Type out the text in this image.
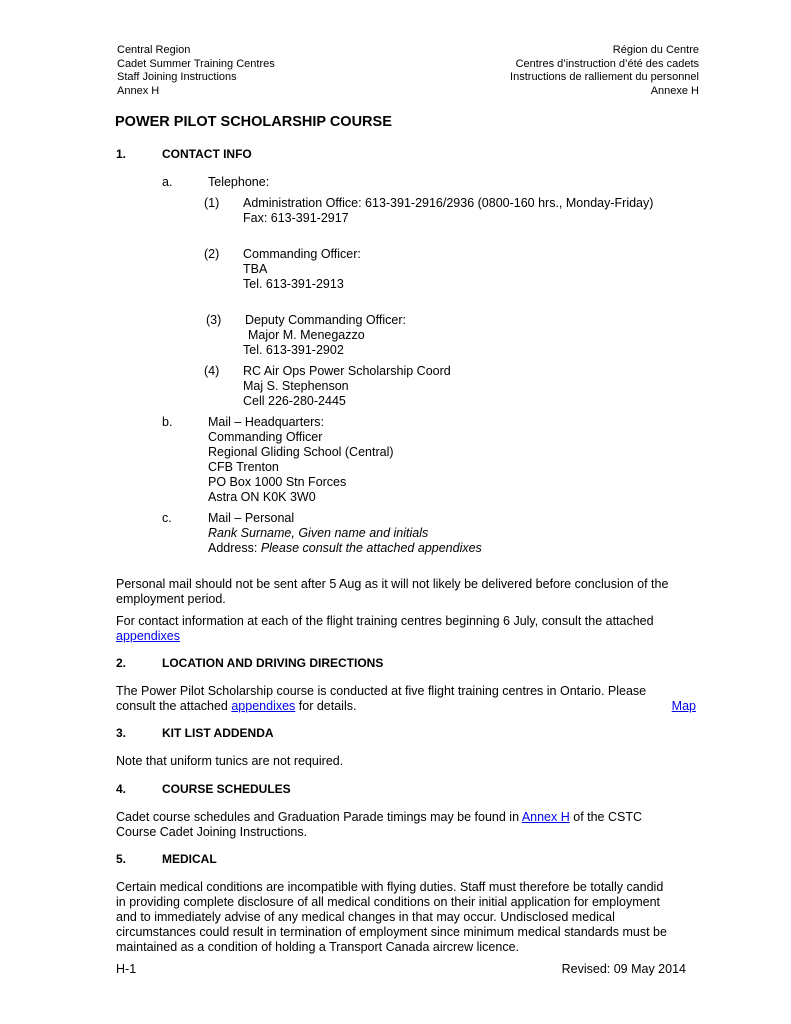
Central Region
Cadet Summer Training Centres
Staff Joining Instructions
Annex H
Région du Centre
Centres d’instruction d’été des cadets
Instructions de ralliement du personnel
Annexe H
POWER PILOT SCHOLARSHIP COURSE
1.	CONTACT INFO
a.	Telephone:
(1) Administration Office: 613-391-2916/2936 (0800-160 hrs., Monday-Friday)
Fax: 613-391-2917
(2) Commanding Officer:
TBA
Tel. 613-391-2913
(3) Deputy Commanding Officer:
Major M. Menegazzo
Tel. 613-391-2902
(4) RC Air Ops Power Scholarship Coord
Maj S. Stephenson
Cell 226-280-2445
b.	Mail – Headquarters:
Commanding Officer
Regional Gliding School (Central)
CFB Trenton
PO Box 1000 Stn Forces
Astra ON K0K 3W0
c.	Mail – Personal
Rank Surname, Given name and initials
Address: Please consult the attached appendixes
Personal mail should not be sent after 5 Aug as it will not likely be delivered before conclusion of the
employment period.
For contact information at each of the flight training centres beginning 6 July, consult the attached
appendixes
2.	LOCATION AND DRIVING DIRECTIONS
The Power Pilot Scholarship course is conducted at five flight training centres in Ontario. Please
consult the attached appendixes for details.	Map
3.	KIT LIST ADDENDA
Note that uniform tunics are not required.
4.	COURSE SCHEDULES
Cadet course schedules and Graduation Parade timings may be found in Annex H of the CSTC
Course Cadet Joining Instructions.
5.	MEDICAL
Certain medical conditions are incompatible with flying duties. Staff must therefore be totally candid
in providing complete disclosure of all medical conditions on their initial application for employment
and to immediately advise of any medical changes in that may occur. Undisclosed medical
circumstances could result in termination of employment since minimum medical standards must be
maintained as a condition of holding a Transport Canada aircrew licence.
H-1	Revised: 09 May 2014
